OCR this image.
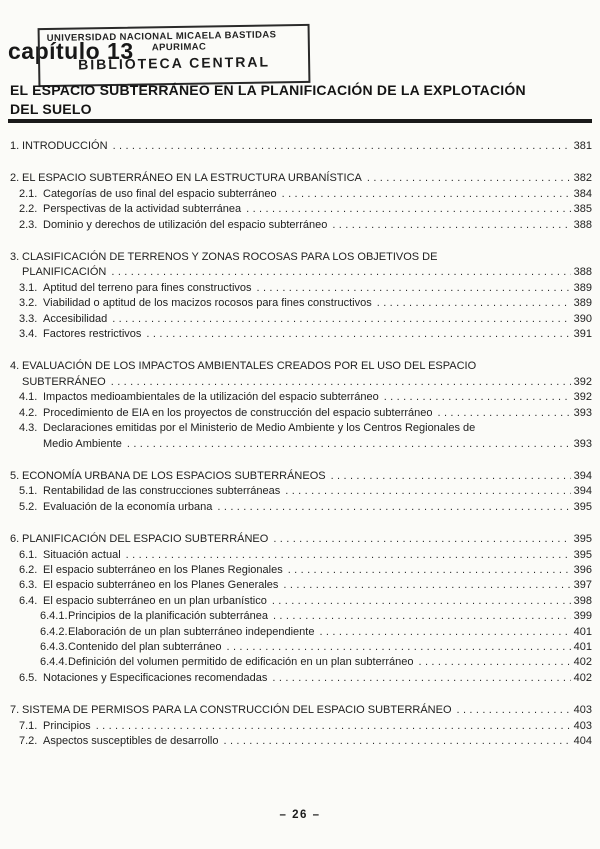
capítulo 13
UNIVERSIDAD NACIONAL MICAELA BASTIDAS
APURIMAC
BIBLIOTECA CENTRAL
EL ESPACIO SUBTERRÁNEO EN LA PLANIFICACIÓN DE LA EXPLOTACIÓN
DEL SUELO
1. INTRODUCCIÓN .....	381
2. EL ESPACIO SUBTERRÁNEO EN LA ESTRUCTURA URBANÍSTICA .....	382
2.1. Categorías de uso final del espacio subterráneo .....	384
2.2. Perspectivas de la actividad subterránea .....	385
2.3. Dominio y derechos de utilización del espacio subterráneo .....	388
3. CLASIFICACIÓN DE TERRENOS Y ZONAS ROCOSAS PARA LOS OBJETIVOS DE
PLANIFICACIÓN .....	388
3.1. Aptitud del terreno para fines constructivos .....	389
3.2. Viabilidad o aptitud de los macizos rocosos para fines constructivos .....	389
3.3. Accesibilidad .....	390
3.4. Factores restrictivos .....	391
4. EVALUACIÓN DE LOS IMPACTOS AMBIENTALES CREADOS POR EL USO DEL ESPACIO
SUBTERRÁNEO .....	392
4.1. Impactos medioambientales de la utilización del espacio subterráneo .....	392
4.2. Procedimiento de EIA en los proyectos de construcción del espacio subterráneo .....	393
4.3. Declaraciones emitidas por el Ministerio de Medio Ambiente y los Centros Regionales de
Medio Ambiente .....	393
5. ECONOMÍA URBANA DE LOS ESPACIOS SUBTERRÁNEOS .....	394
5.1. Rentabilidad de las construcciones subterráneas .....	394
5.2. Evaluación de la economía urbana .....	395
6. PLANIFICACIÓN DEL ESPACIO SUBTERRÁNEO .....	395
6.1. Situación actual .....	395
6.2. El espacio subterráneo en los Planes Regionales .....	396
6.3. El espacio subterráneo en los Planes Generales .....	397
6.4. El espacio subterráneo en un plan urbanístico .....	398
6.4.1. Principios de la planificación subterránea .....	399
6.4.2. Elaboración de un plan subterráneo independiente .....	401
6.4.3. Contenido del plan subterráneo .....	401
6.4.4. Definición del volumen permitido de edificación en un plan subterráneo .....	402
6.5. Notaciones y Especificaciones recomendadas .....	402
7. SISTEMA DE PERMISOS PARA LA CONSTRUCCIÓN DEL ESPACIO SUBTERRÁNEO .....	403
7.1. Principios .....	403
7.2. Aspectos susceptibles de desarrollo .....	404
– 26 –
